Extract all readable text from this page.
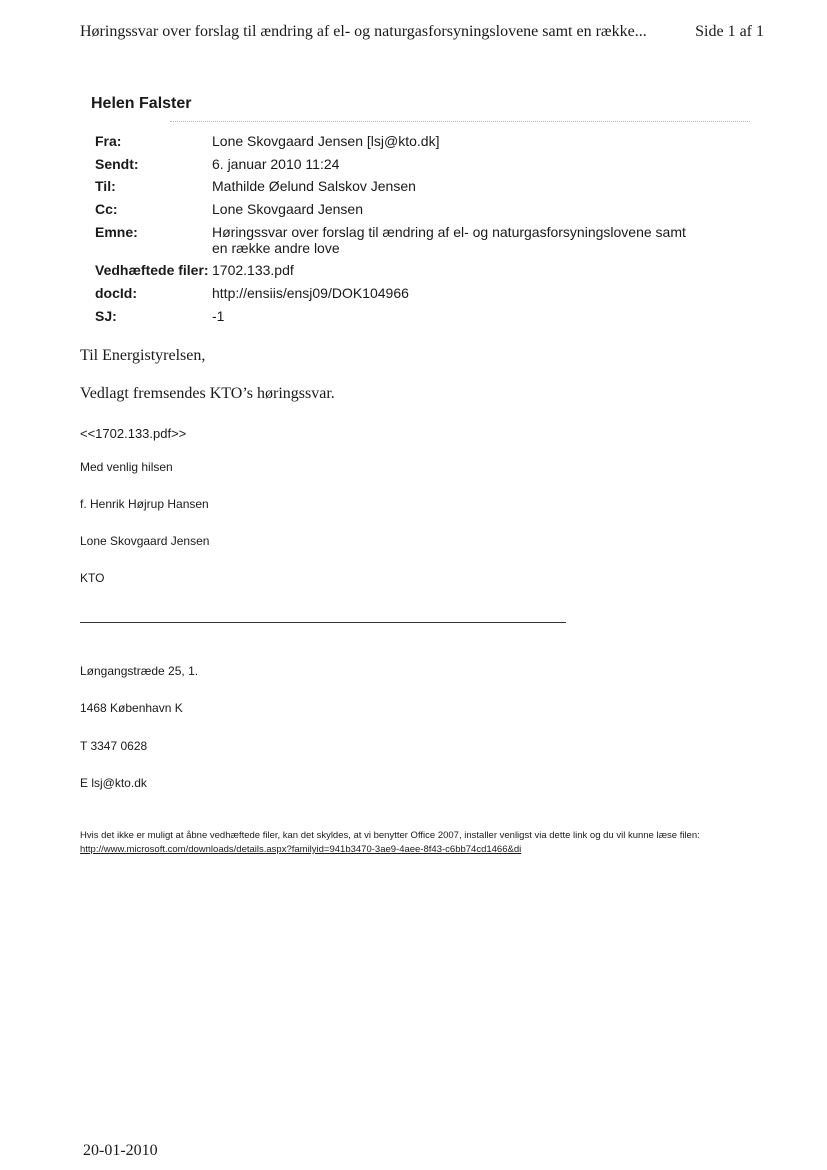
Høringssvar over forslag til ændring af el- og naturgasforsyningslovene samt en række...	Side 1 af 1
Helen Falster
Fra:	Lone Skovgaard Jensen [lsj@kto.dk]
Sendt:	6. januar 2010 11:24
Til:	Mathilde Øelund Salskov Jensen
Cc:	Lone Skovgaard Jensen
Emne:	Høringssvar over forslag til ændring af el- og naturgasforsyningslovene samt en række andre love
Vedhæftede filer: 1702.133.pdf
docId:	http://ensiis/ensj09/DOK104966
SJ:	-1
Til Energistyrelsen,
Vedlagt fremsendes KTO’s høringssvar.
<<1702.133.pdf>>
Med venlig hilsen
f. Henrik Højrup Hansen
Lone Skovgaard Jensen
KTO
Løngangstræde 25, 1.
1468 København K
T 3347 0628
E lsj@kto.dk
Hvis det ikke er muligt at åbne vedhæftede filer, kan det skyldes, at vi benytter Office 2007, installer venligst via dette link og du vil kunne læse filen: http://www.microsoft.com/downloads/details.aspx?familyid=941b3470-3ae9-4aee-8f43-c6bb74cd1466&di
20-01-2010
